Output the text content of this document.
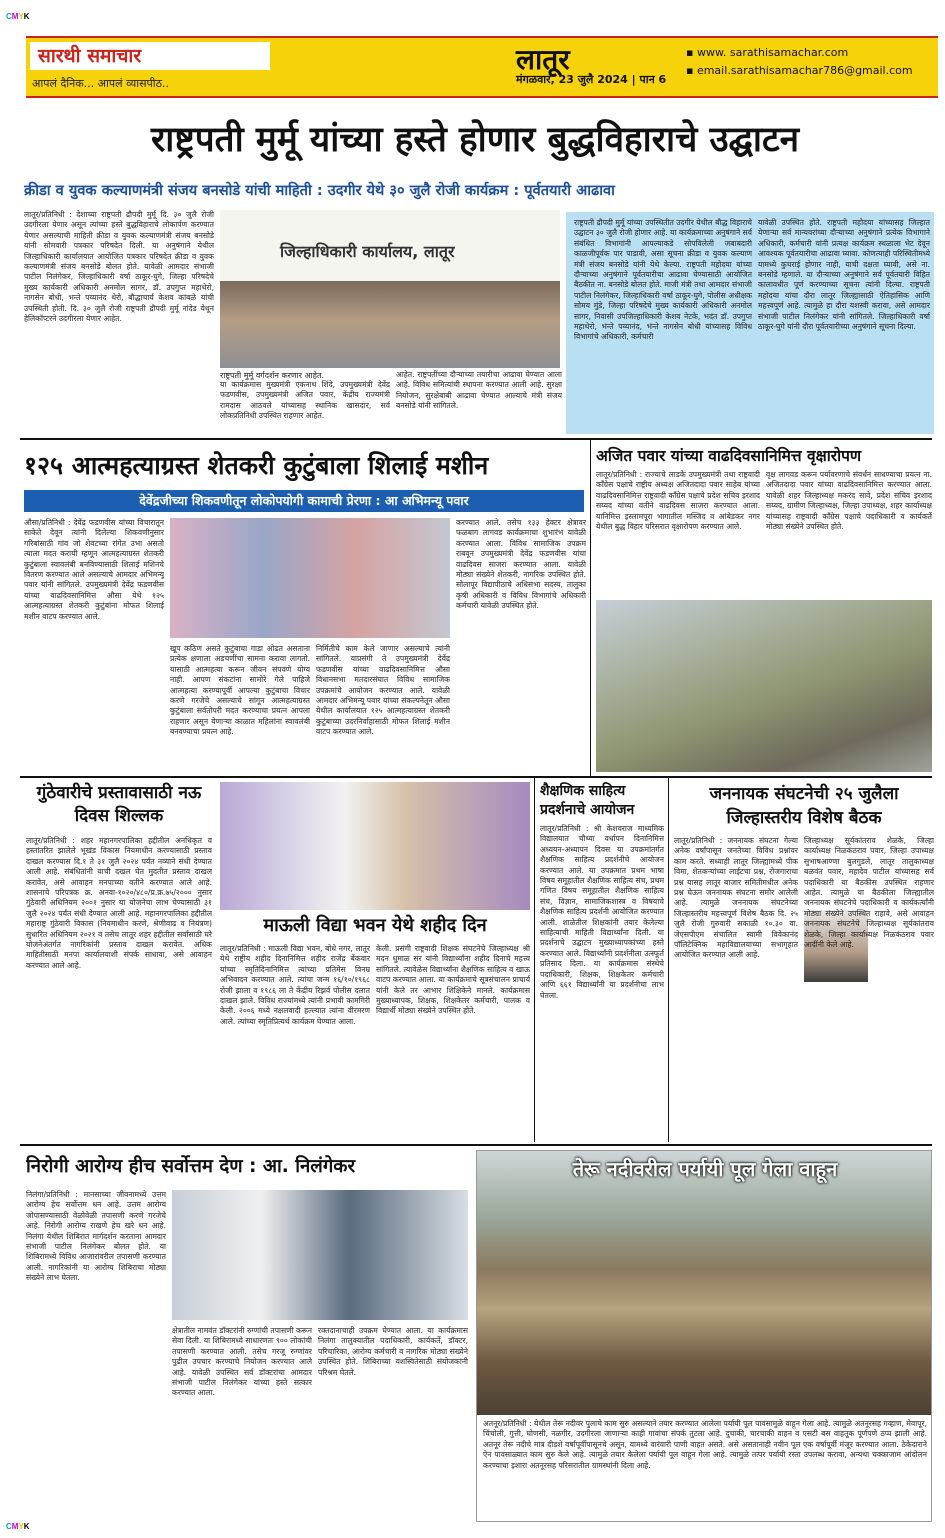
CMYK
CMYK
सारथी समाचार
आपलं दैनिक... आपलं व्यासपीठ..
लातूर
मंगळवार, 23 जुलै 2024 | पान 6
▪ www. sarathisamachar.com
▪ email.sarathisamachar786@gmail.com
राष्ट्रपती मुर्मू यांच्या हस्ते होणार बुद्धविहाराचे उद्घाटन
क्रीडा व युवक कल्याणमंत्री संजय बनसोडे यांची माहिती : उदगीर येथे ३० जुलै रोजी कार्यक्रम : पूर्वतयारी आढावा
लातूर/प्रतिनिधी : देशाच्या राष्ट्रपती द्रौपदी मुर्मू दि. ३० जुलै रोजी उदगीरला येणार असून त्यांच्या हस्ते बुद्धविहाराचे लोकार्पण करण्यात येणार असल्याची माहिती क्रीडा व युवक कल्याणमंत्री संजय बनसोडे यांनी सोमवारी पत्रकार परिषदेत दिली. या अनुषंगाने येथील जिल्हाधिकारी कार्यालयात आयोजित पत्रकार परिषदेत क्रीडा व युवक कल्याणमंत्री संजय बनसोडे बोलत होते. यावेळी आमदार संभाजी पाटील निलंगेकर, जिल्हाधिकारी वर्षा ठाकूर-घुगे, जिल्हा परिषदेचे मुख्य कार्यकारी अधिकारी अनमोल सागर, डॉ. उपगुप्त महाथेरो, नागसेन बोधी, भन्ते पय्यानंद थेरो, बौद्धाचार्य केशव कांबळे यांची उपस्थिती होती. दि. ३० जुलै रोजी राष्ट्रपती द्रौपदी मुर्मू नांदेड येथून हेलिकॉप्टरने उदगीरला येणार आहेत.
जिल्हाधिकारी कार्यालय, लातूर
राष्ट्रपती मुर्मू वर्गदर्शन करणार आहेत.
या कार्यक्रमास मुख्यमंत्री एकनाथ शिंदे, उपमुख्यमंत्री देवेंद्र फडणवीस, उपमुख्यमंत्री अजित पवार, केंद्रीय राज्यमंत्री रामदास आठवले यांच्यासह स्थानिक खासदार, सर्व लोकप्रतिनिधी उपस्थित राहणार आहेत.
आहेत. राष्ट्रपतींच्या दौऱ्याच्या तयारीचा आढावा घेण्यात आला आहे. विविध समित्यांची स्थापना करण्यात आली आहे. सुरक्षा नियोजन, सुरक्षेबाबी आढावा घेण्यात आल्याचे मंत्री संजय बनसोडे यांनी सांगितले.
राष्ट्रपती द्रौपदी मुर्मू यांच्या उपस्थितीत उदगीर येथील बौद्ध विहाराचे उद्घाटन ३० जुलै रोजी होणार आहे. या कार्यक्रमाच्या अनुषंगाने सर्व संबंधित विभागांनी आपल्याकडे सोपविलेली जबाबदारी काळजीपूर्वक पार पाडावी, असा सूचना क्रीडा व युवक कल्याण मंत्री संजय बनसोडे यांनी येथे केल्या. राष्ट्रपती महोदया यांच्या दौऱ्याच्या अनुषंगाने पूर्वतयारीचा आढावा घेण्यासाठी आयोजित बैठकीत ना. बनसोडे बोलत होते. माजी मंत्री तथा आमदार संभाजी पाटील निलंगेकर, जिल्हाधिकारी वर्षा ठाकूर-घुगे, पोलीस अधीक्षक सोमय मुंडे, जिल्हा परिषदेचे मुख्य कार्यकारी अधिकारी अनमोल सागर, निवासी उपजिल्हाधिकारी केशव नेटके, भदंत डॉ. उपगुप्त महाथेरो, भंन्ते पय्यानंद, भंन्ते नागसेन बोधी यांच्यासह विविध विभागांचे अधिकारी, कर्मचारी
यावेळी उपस्थित होते. राष्ट्रपती महोदया यांच्यासह जिल्हात येणाऱ्या सर्व मान्यवरांच्या दौऱ्याच्या अनुषंगाने प्रत्येक विभागाने अधिकारी, कर्मचारी यांनी प्रत्यक्ष कार्यक्रम स्थळाला भेट देवून आवश्यक पूर्वतयारीचा आढावा घ्यावा. कोणत्याही परिस्थितीमध्ये यामध्ये कुचराई होणार नाही, याची दक्षता घ्यावी, असे ना. बनसोडे म्हणाले. या दौऱ्याच्या अनुषंगाने सर्व पूर्वतयारी विहित कालावधीत पूर्ण करण्याच्या सूचना त्यांनी दिल्या. राष्ट्रपती महोदया यांचा दौरा लातूर जिल्ह्यासाठी ऐतिहासिक आणि महत्त्वपूर्ण आहे. त्यामुळे हा दौरा यशस्वी करावा, असे आमदार संभाजी पाटील निलंगेकर यांनी सांगितले. जिल्हाधिकारी वर्षा ठाकूर-घुगे यांनी दौरा पूर्वतयारीच्या अनुषंगाने सूचना दिल्या.
१२५ आत्महत्याग्रस्त शेतकरी कुटुंबाला शिलाई मशीन
देवेंद्रजीच्या शिकवणीतून लोकोपयोगी कामाची प्रेरणा : आ अभिमन्यू पवार
औसा/प्रतिनिधी : देवेंद्र फडणवीस यांच्या विचारातून साकेते देवून त्यांनी दिलेल्या शिकवणीनुसार गरिबांसाठी गांव जो शेवटच्या रांगेत उभा असतो त्याला मदत करायी म्हणून आत्महत्याग्रस्त शेतकरी कुटुंबाला स्वावलंबी बनविण्यासाठी शिलाई मशिनचे वितरण करण्यात आले असल्याचे आमदार अभिमन्यू पवार यांनी सांगितले. उपमुख्यमंत्री देवेंद्र फडणवीस यांच्या वाढदिवसानिमित्त औसा येथे १२५ आत्महत्याग्रस्त शेतकरी कुटुंबांना मोफत शिलाई मशीन वाटप करण्यात आले.
खूप कठिण असते कुटुंबाचा गाडा ओढत असताना प्रत्येक क्षणाला अडचणींचा सामना करावा लागतो. यासाठी आत्महत्या करून जीवन संपवणे योग्य नाही. आपण संकटांना सामोरे गेले पाहिजे आत्महत्या करण्यापूर्वी आपल्या कुटुंबाचा विचार करणे गरजेचे असल्याचे सांगून आत्महत्याग्रस्त कुटुंबाला सर्वतोपरी मदत करण्याचा प्रयत्न आपला राहणार असून येणाऱ्या काळात महिलांना स्वावलंबी बनवण्याचा प्रयत्न आहे.
निर्मितीचे काम केले जाणार असल्याचे त्यांनी सांगितले. याप्रसंगी ते उपमुख्यमंत्री देवेंद्र फडणवीस यांच्या वाढदिवसानिमित्त औसा विधानसभा मतदारसंघात विविध सामाजिक उपक्रमांचे आयोजन करण्यात आले. यावेळी आमदार अभिमन्यू पवार यांच्या संकल्पनेतून औसा येथील कार्यालयात १२५ आत्महत्याग्रस्त शेतकरी कुटुंबाच्या उदरनिर्वाहासाठी मोफत शिलाई मशीन वाटप करण्यात आले.
करण्यात आले. तसेच १३३ हेक्टर क्षेत्रावर फळबाग लागवड कार्यक्रमाचा शुभारंभ यावेळी करण्यात आला. विविध सामाजिक उपक्रम राबवून उपमुख्यमंत्री देवेंद्र फडणवीस यांचा वाढदिवस साजरा करण्यात आला. यावेळी मोठ्या संख्येने शेतकरी, नागरिक उपस्थित होते. सोलापूर विद्यापीठाचे अधिसभा सदस्य, तालुका कृषी अधिकारी व विविध विभागांचे अधिकारी कर्मचारी यावेळी उपस्थित होते.
अजित पवार यांच्या वाढदिवसानिमित्त वृक्षारोपण
लातूर/प्रतिनिधी : राज्याचे लाडके उपमुख्यमंत्री तथा राष्ट्रवादी काँग्रेस पक्षाचे राष्ट्रीय अध्यक्ष अजितदादा पवार साहेब यांच्या वाढदिवसानिमित्त राष्ट्रवादी काँग्रेस पक्षाचे प्रदेश सचिव इरशाद सय्यद यांच्या वतीने वाढदिवस साजरा करण्यात आला. यानिमित्त इस्लामपूरा भागातील मस्जिद व आंबेडकर नगर येथील बुद्ध विहार परिसरात वृक्षारोपण करण्यात आले.
वृक्ष लागवड करून पर्यावरणाचे संवर्धन साधण्याचा प्रयत्न ना. अजितदादा पवार यांच्या वाढदिवसानिमित्त करण्यात आला. यावेळी शहर जिल्हाध्यक्ष मकरंद सावे, प्रदेश सचिव इरशाद सय्यद, ग्रामीण जिल्हाध्यक्ष, जिल्हा उपाध्यक्ष, शहर कार्याध्यक्ष यांच्यासह राष्ट्रवादी काँग्रेस पक्षाचे पदाधिकारी व कार्यकर्ते मोठ्या संख्येने उपस्थित होते.
गुंठेवारीचे प्रस्तावासाठी नऊ दिवस शिल्लक
लातूर/प्रतिनिधी : शहर महानगरपालिका हद्दीतील अनधिकृत व हस्तांतरित झालेले भूखंड विकास नियमाधीन करण्यासाठी प्रस्ताव दाखल करण्यास दि.१ ते ३१ जुलै २०२४ पर्यंत नव्याने संधी देण्यात आली आहे. संबंधितांनी याची दखल घेत मुदतीत प्रस्ताव दाखल करावेत, असे आवाहन मनपाच्या वतीने करण्यात आले आहे. शासनाचे परिपत्रक क्र. अनवा-१०२०/४८०/प्र.क्र.७५/२००० नुसार गुंठेवारी अधिनियम २००१ नुसार या योजनेचा लाभ घेण्यासाठी ३१ जुलै २०२४ पर्यंत संधी देण्यात आली आहे. महानगरपालिका हद्दीतील महाराष्ट्र गुंठेवारी विकास (नियमाधीन करणे, श्रेणीवाढ व नियंत्रण) सुधारित अधिनियम २०२१ व तसेच लातूर शहर हद्दीतील सर्वांसाठी घरे योजनेअंतर्गत नागरिकांनी प्रस्ताव दाखल करावेत. अधिक माहितीसाठी मनपा कार्यालयाशी संपर्क साधावा, असे आवाहन करण्यात आले आहे.
माऊली विद्या भवन येथे शहीद दिन
लातूर/प्रतिनिधी : माऊली विद्या भवन, बोधे नगर, लातूर येथे राष्ट्रीय शहीद दिनानिमित्त शहीद राजेंद्र बेंकवार यांच्या स्मृतिदिनानिमित्त त्यांच्या प्रतिमेस विनम्र अभिवादन करण्यात आले. त्यांचा जन्म १६/१०/१९६८ रोजी झाला व १९८६ ला ते केंद्रीय रिझर्व पोलीस दलात दाखल झाले. विविध राज्यांमध्ये त्यांनी प्रभावी कामगिरी केली. २००६ मध्ये नक्षलवादी हल्ल्यात त्यांना वीरमरण आले. त्यांच्या स्मृतिप्रित्यर्थ कार्यक्रम घेण्यात आला.
केली. प्रसंगी राष्ट्रवादी शिक्षक संघटनेचे जिल्हाध्यक्ष श्री मदन धुमाळ सर यांनी विद्यार्थ्यांना शहीद दिनाचे महत्त्व सांगितले. त्यावेळेस विद्यार्थ्यांना शैक्षणिक साहित्य व खाऊ वाटप करण्यात आला. या कार्यक्रमाचे सूत्रसंचालन प्राचार्य यांनी केले तर आभार शिक्षिकेने मानले. कार्यक्रमास मुख्याध्यापक, शिक्षक, शिक्षकेतर कर्मचारी, पालक व विद्यार्थी मोठ्या संख्येने उपस्थित होते.
शैक्षणिक साहित्य प्रदर्शनाचे आयोजन
लातूर/प्रतिनिधी : श्री केशवराज माध्यमिक विद्यालयात चौथ्या वर्धापन दिनानिमित्त अध्ययन-अध्यापन दिवस या उपक्रमांतर्गत शैक्षणिक साहित्य प्रदर्शनीचे आयोजन करण्यात आले. या उपक्रमात प्रथम भाषा विषय समूहातील शैक्षणिक साहित्य संच, प्रथम गणित विषय समूहातील शैक्षणिक साहित्य संच, विज्ञान, सामाजिकशास्त्र व विषयाचे शैक्षणिक साहित्य प्रदर्शनी आयोजित करण्यात आली. शाळेतील शिक्षकांनी तयार केलेल्या साहित्याची माहिती विद्यार्थ्यांना दिली. या प्रदर्शनाचे उद्घाटन मुख्याध्यापकांच्या हस्ते करण्यात आले. विद्यार्थ्यांनी प्रदर्शनीला उत्स्फूर्त प्रतिसाद दिला. या कार्यक्रमास संस्थेचे पदाधिकारी, शिक्षक, शिक्षकेतर कर्मचारी आणि ६६१ विद्यार्थ्यांनी या प्रदर्शनीचा लाभ घेतला.
जननायक संघटनेची २५ जुलैला जिल्हास्तरीय विशेष बैठक
लातूर/प्रतिनिधी : जननायक संघटना गेल्या अनेक वर्षांपासून जनतेच्या विविध प्रश्नांवर काम करते. सध्याही लातूर जिल्ह्यामध्ये पीक विमा, शेतकऱ्यांच्या लाईटचा प्रश्न, रोजगाराचा प्रश्न यासह लातूर बाजार समितीमधील अनेक प्रश्न घेऊन जननायक संघटना समोर आलेली आहे. त्यामुळे जननायक संघटनेच्या जिल्हास्तरीय महत्त्वपूर्ण विशेष बैठक दि. २५ जुलै रोजी गुरुवारी सकाळी १०.३० वा. जेएसपीएम संचालित स्वामी विवेकानंद पॉलिटेक्निक महाविद्यालयाच्या सभागृहात आयोजित करण्यात आली आहे.
जिल्हाध्यक्ष सूर्यकांतराव शेळके, जिल्हा कार्याध्यक्ष निळकंठराव पवार, जिल्हा उपाध्यक्ष सुभाषआण्णा बुलगुडले, लातूर तालुकाध्यक्ष बळवंत पवार, महादेव पाटील यांच्यासह सर्व पदाधिकारी या बैठकीस उपस्थित राहणार आहेत. त्यामुळे या बैठकीला जिल्ह्यातील जननायक संघटनेचे पदाधिकारी व कार्यकर्त्यांनी मोठ्या संख्येने उपस्थित राहावे, असे आवाहन जननायक संघटनेचे जिल्हाध्यक्ष सूर्यकांतराव शेळके, जिल्हा कार्याध्यक्ष निळकंठराव पवार आदींनी केले आहे.
निरोगी आरोग्य हीच सर्वोत्तम देण : आ. निलंगेकर
निलंगा/प्रतिनिधी : मानसाच्या जीवनामध्ये उत्तम आरोग्य हेच सर्वोत्तम धन आहे. उत्तम आरोग्य जोपासण्यासाठी वेळोवेळी तपासणी करणे गरजेचे आहे. निरोगी आरोग्य राखणे हेच खरे धन आहे. निलंगा येथील शिबिरात मार्गदर्शन करताना आमदार संभाजी पाटील निलंगेकर बोलत होते. या शिबिरामध्ये विविध आजारांवरील तपासणी करण्यात आली. नागरिकांनी या आरोग्य शिबिराचा मोठ्या संख्येने लाभ घेतला.
क्षेत्रातील नामवंत डॉक्टरांनी रुग्णांची तपासणी करून सेवा दिली. या शिबिरामध्ये साधारणतः ९०० लोकांची तपासणी करण्यात आली. तसेच गरजू रुग्णांवर पुढील उपचार करण्याचे नियोजन करण्यात आले आहे. यावेळी उपस्थित सर्व डॉक्टरांचा आमदार संभाजी पाटील निलंगेकर यांच्या हस्ते सत्कार करण्यात आला.
रक्तदानाचाही उपक्रम घेण्यात आला. या कार्यक्रमास निलंगा तालुक्यातील पदाधिकारी, कार्यकर्ते, डॉक्टर, परिचारिका, आरोग्य कर्मचारी व नागरिक मोठ्या संख्येने उपस्थित होते. शिबिराच्या यशस्वितेसाठी संयोजकांनी परिश्रम घेतले.
तेरू नदीवरील पर्यायी पूल गेला वाहून
अतनूर/प्रतिनिधी : येथील तेरू नदीवर पुलाचे काम सुरु असल्याने तयार करण्यात आलेला पर्यायी पूल पावसामुळे वाहून गेला आहे. त्यामुळे अतनूरसह गव्हाण, मेवापूर, चिंचोली, गुत्ती, घोणसी, नळगीर, उदगीरला जाणाऱ्या काही गावांचा संपर्क तुटला आहे. दुचाकी, चारचाकी वाहन व एसटी बस वाहतूक पूर्णपणे ठप्प झाली आहे. अतनूर तेरू नदीचे मात्र दीडशे वर्षापूर्वीपासूनचे असून, यामध्ये वारंवारी पाणी वाहत असते. असे असतानाही नवीन पूल एक वर्षापूर्वी मंजूर करण्यात आला. ठेकेदाराने ऐन पावसाळ्यात काम सुरु केले आहे. त्यामुळे तयार केलेला पर्यायी पूल वाहून गेला आहे. त्यामुळे तत्पर पर्यायी रस्ता उपलब्ध करावा, अन्यथा चक्काजाम आंदोलन करण्याचा इशारा अतनूरसह परिसरातील ग्रामस्थांनी दिला आहे.
